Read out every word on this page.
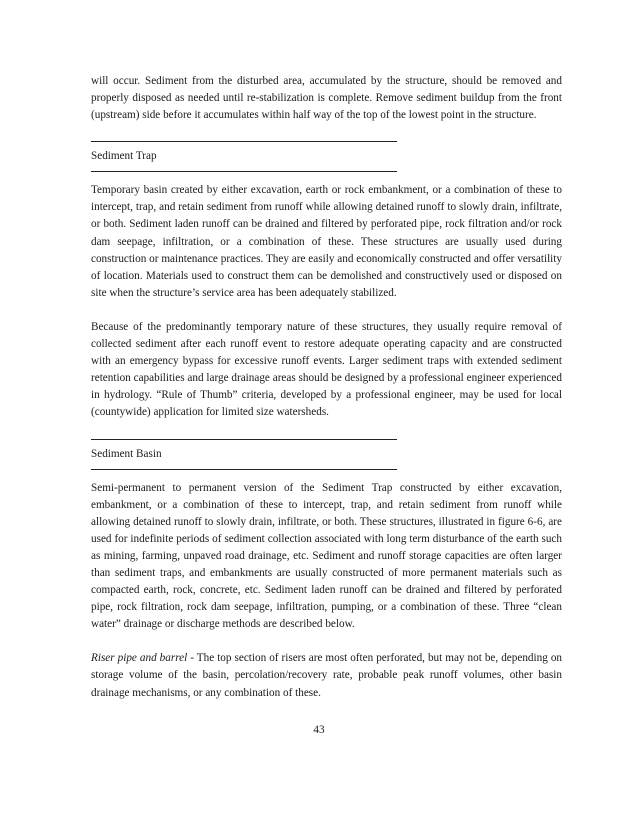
will occur. Sediment from the disturbed area, accumulated by the structure, should be removed and properly disposed as needed until re-stabilization is complete. Remove sediment buildup from the front (upstream) side before it accumulates within half way of the top of the lowest point in the structure.

Sediment Trap

Temporary basin created by either excavation, earth or rock embankment, or a combination of these to intercept, trap, and retain sediment from runoff while allowing detained runoff to slowly drain, infiltrate, or both. Sediment laden runoff can be drained and filtered by perforated pipe, rock filtration and/or rock dam seepage, infiltration, or a combination of these. These structures are usually used during construction or maintenance practices. They are easily and economically constructed and offer versatility of location. Materials used to construct them can be demolished and constructively used or disposed on site when the structure’s service area has been adequately stabilized.

Because of the predominantly temporary nature of these structures, they usually require removal of collected sediment after each runoff event to restore adequate operating capacity and are constructed with an emergency bypass for excessive runoff events. Larger sediment traps with extended sediment retention capabilities and large drainage areas should be designed by a professional engineer experienced in hydrology. “Rule of Thumb” criteria, developed by a professional engineer, may be used for local (countywide) application for limited size watersheds.

Sediment Basin

Semi-permanent to permanent version of the Sediment Trap constructed by either excavation, embankment, or a combination of these to intercept, trap, and retain sediment from runoff while allowing detained runoff to slowly drain, infiltrate, or both. These structures, illustrated in figure 6-6, are used for indefinite periods of sediment collection associated with long term disturbance of the earth such as mining, farming, unpaved road drainage, etc. Sediment and runoff storage capacities are often larger than sediment traps, and embankments are usually constructed of more permanent materials such as compacted earth, rock, concrete, etc. Sediment laden runoff can be drained and filtered by perforated pipe, rock filtration, rock dam seepage, infiltration, pumping, or a combination of these. Three “clean water” drainage or discharge methods are described below.

Riser pipe and barrel - The top section of risers are most often perforated, but may not be, depending on storage volume of the basin, percolation/recovery rate, probable peak runoff volumes, other basin drainage mechanisms, or any combination of these.

43
